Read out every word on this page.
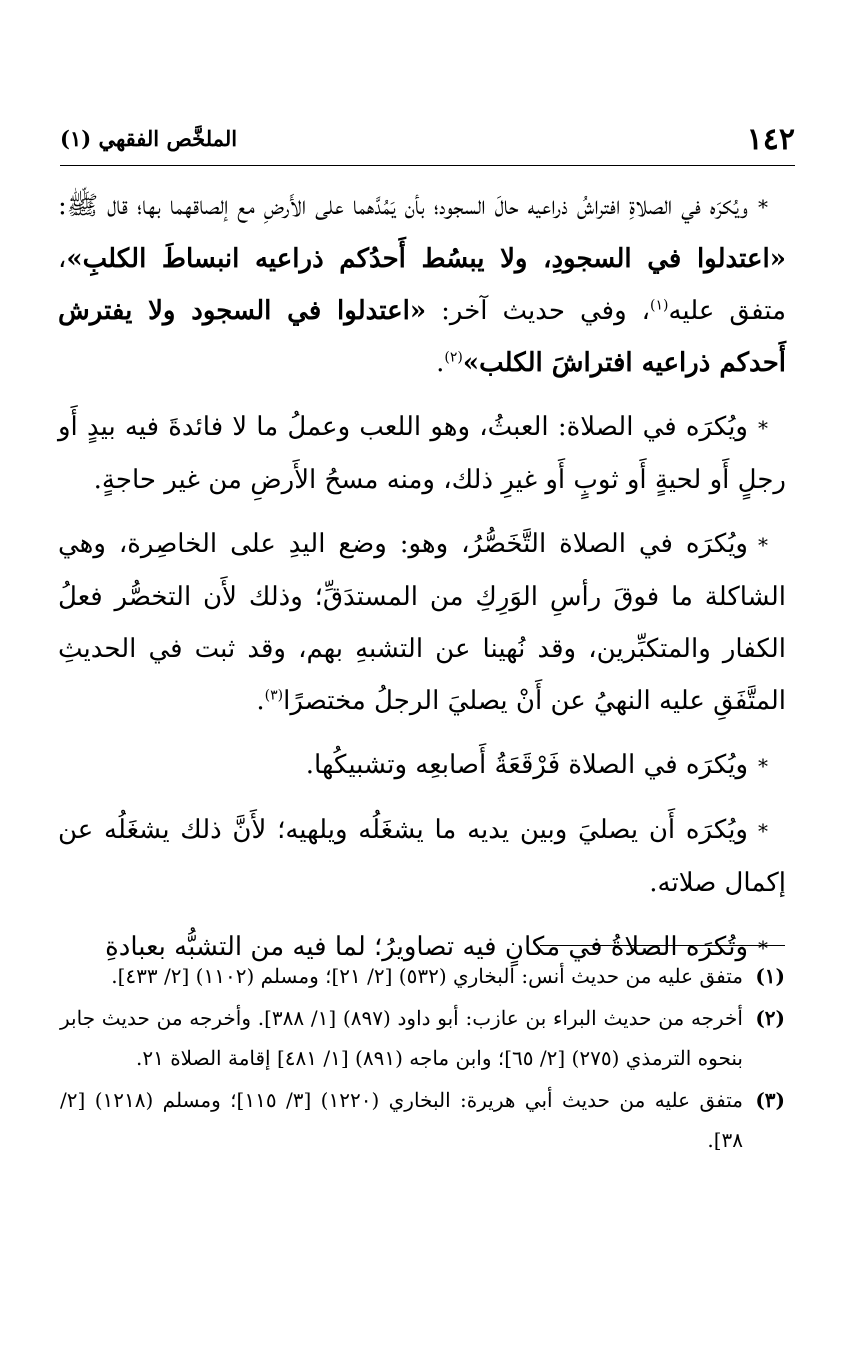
١٤٢
الملخَّص الفقهي (١)

*ويُكرَه في الصلاةِ افتراشُ ذراعيه حالَ السجود؛ بأن يَمُدَّهما على الأَرضِ مع إلصاقهما بها؛ قال ﷺ: «اعتدلوا في السجودِ، ولا يبسُط أَحدُكم ذراعيه انبساطَ الكلبِ»، متفق عليه$^{(١)}$، وفي حديث آخر: «اعتدلوا في السجود ولا يفترش أَحدكم ذراعيه افتراشَ الكلب»$^{(٢)}$.

*ويُكرَه في الصلاة: العبثُ، وهو اللعب وعملُ ما لا فائدةَ فيه بيدٍ أَو رجلٍ أَو لحيةٍ أَو ثوبٍ أَو غيرِ ذلك، ومنه مسحُ الأَرضِ من غير حاجةٍ.

*ويُكرَه في الصلاة التَّخَصُّرُ، وهو: وضع اليدِ على الخاصِرة، وهي الشاكلة ما فوقَ رأسِ الوَرِكِ من المستدَقِّ؛ وذلك لأَن التخصُّر فعلُ الكفار والمتكبِّرين، وقد نُهينا عن التشبهِ بهم، وقد ثبت في الحديثِ المتَّفَقِ عليه النهيُ عن أَنْ يصليَ الرجلُ مختصرًا$^{(٣)}$.

*ويُكرَه في الصلاة فَرْقَعَةُ أَصابعِه وتشبيكُها.

*ويُكرَه أَن يصليَ وبين يديه ما يشغَلُه ويلهيه؛ لأَنَّ ذلك يشغَلُه عن إكمال صلاته.

*وتُكرَه الصلاةُ في مكانٍ فيه تصاويرُ؛ لما فيه من التشبُّه بعبادةِ

(١)
متفق عليه من حديث أنس: البخاري (٥٣٢) [٢/ ٢١]؛ ومسلم (١١٠٢) [٢/ ٤٣٣].
(٢)
أخرجه من حديث البراء بن عازب: أبو داود (٨٩٧) [١/ ٣٨٨]. وأخرجه من حديث جابر بنحوه الترمذي (٢٧٥) [٢/ ٦٥]؛ وابن ماجه (٨٩١) [١/ ٤٨١] إقامة الصلاة ٢١.
(٣)
متفق عليه من حديث أبي هريرة: البخاري (١٢٢٠) [٣/ ١١٥]؛ ومسلم (١٢١٨) [٢/ ٣٨].
